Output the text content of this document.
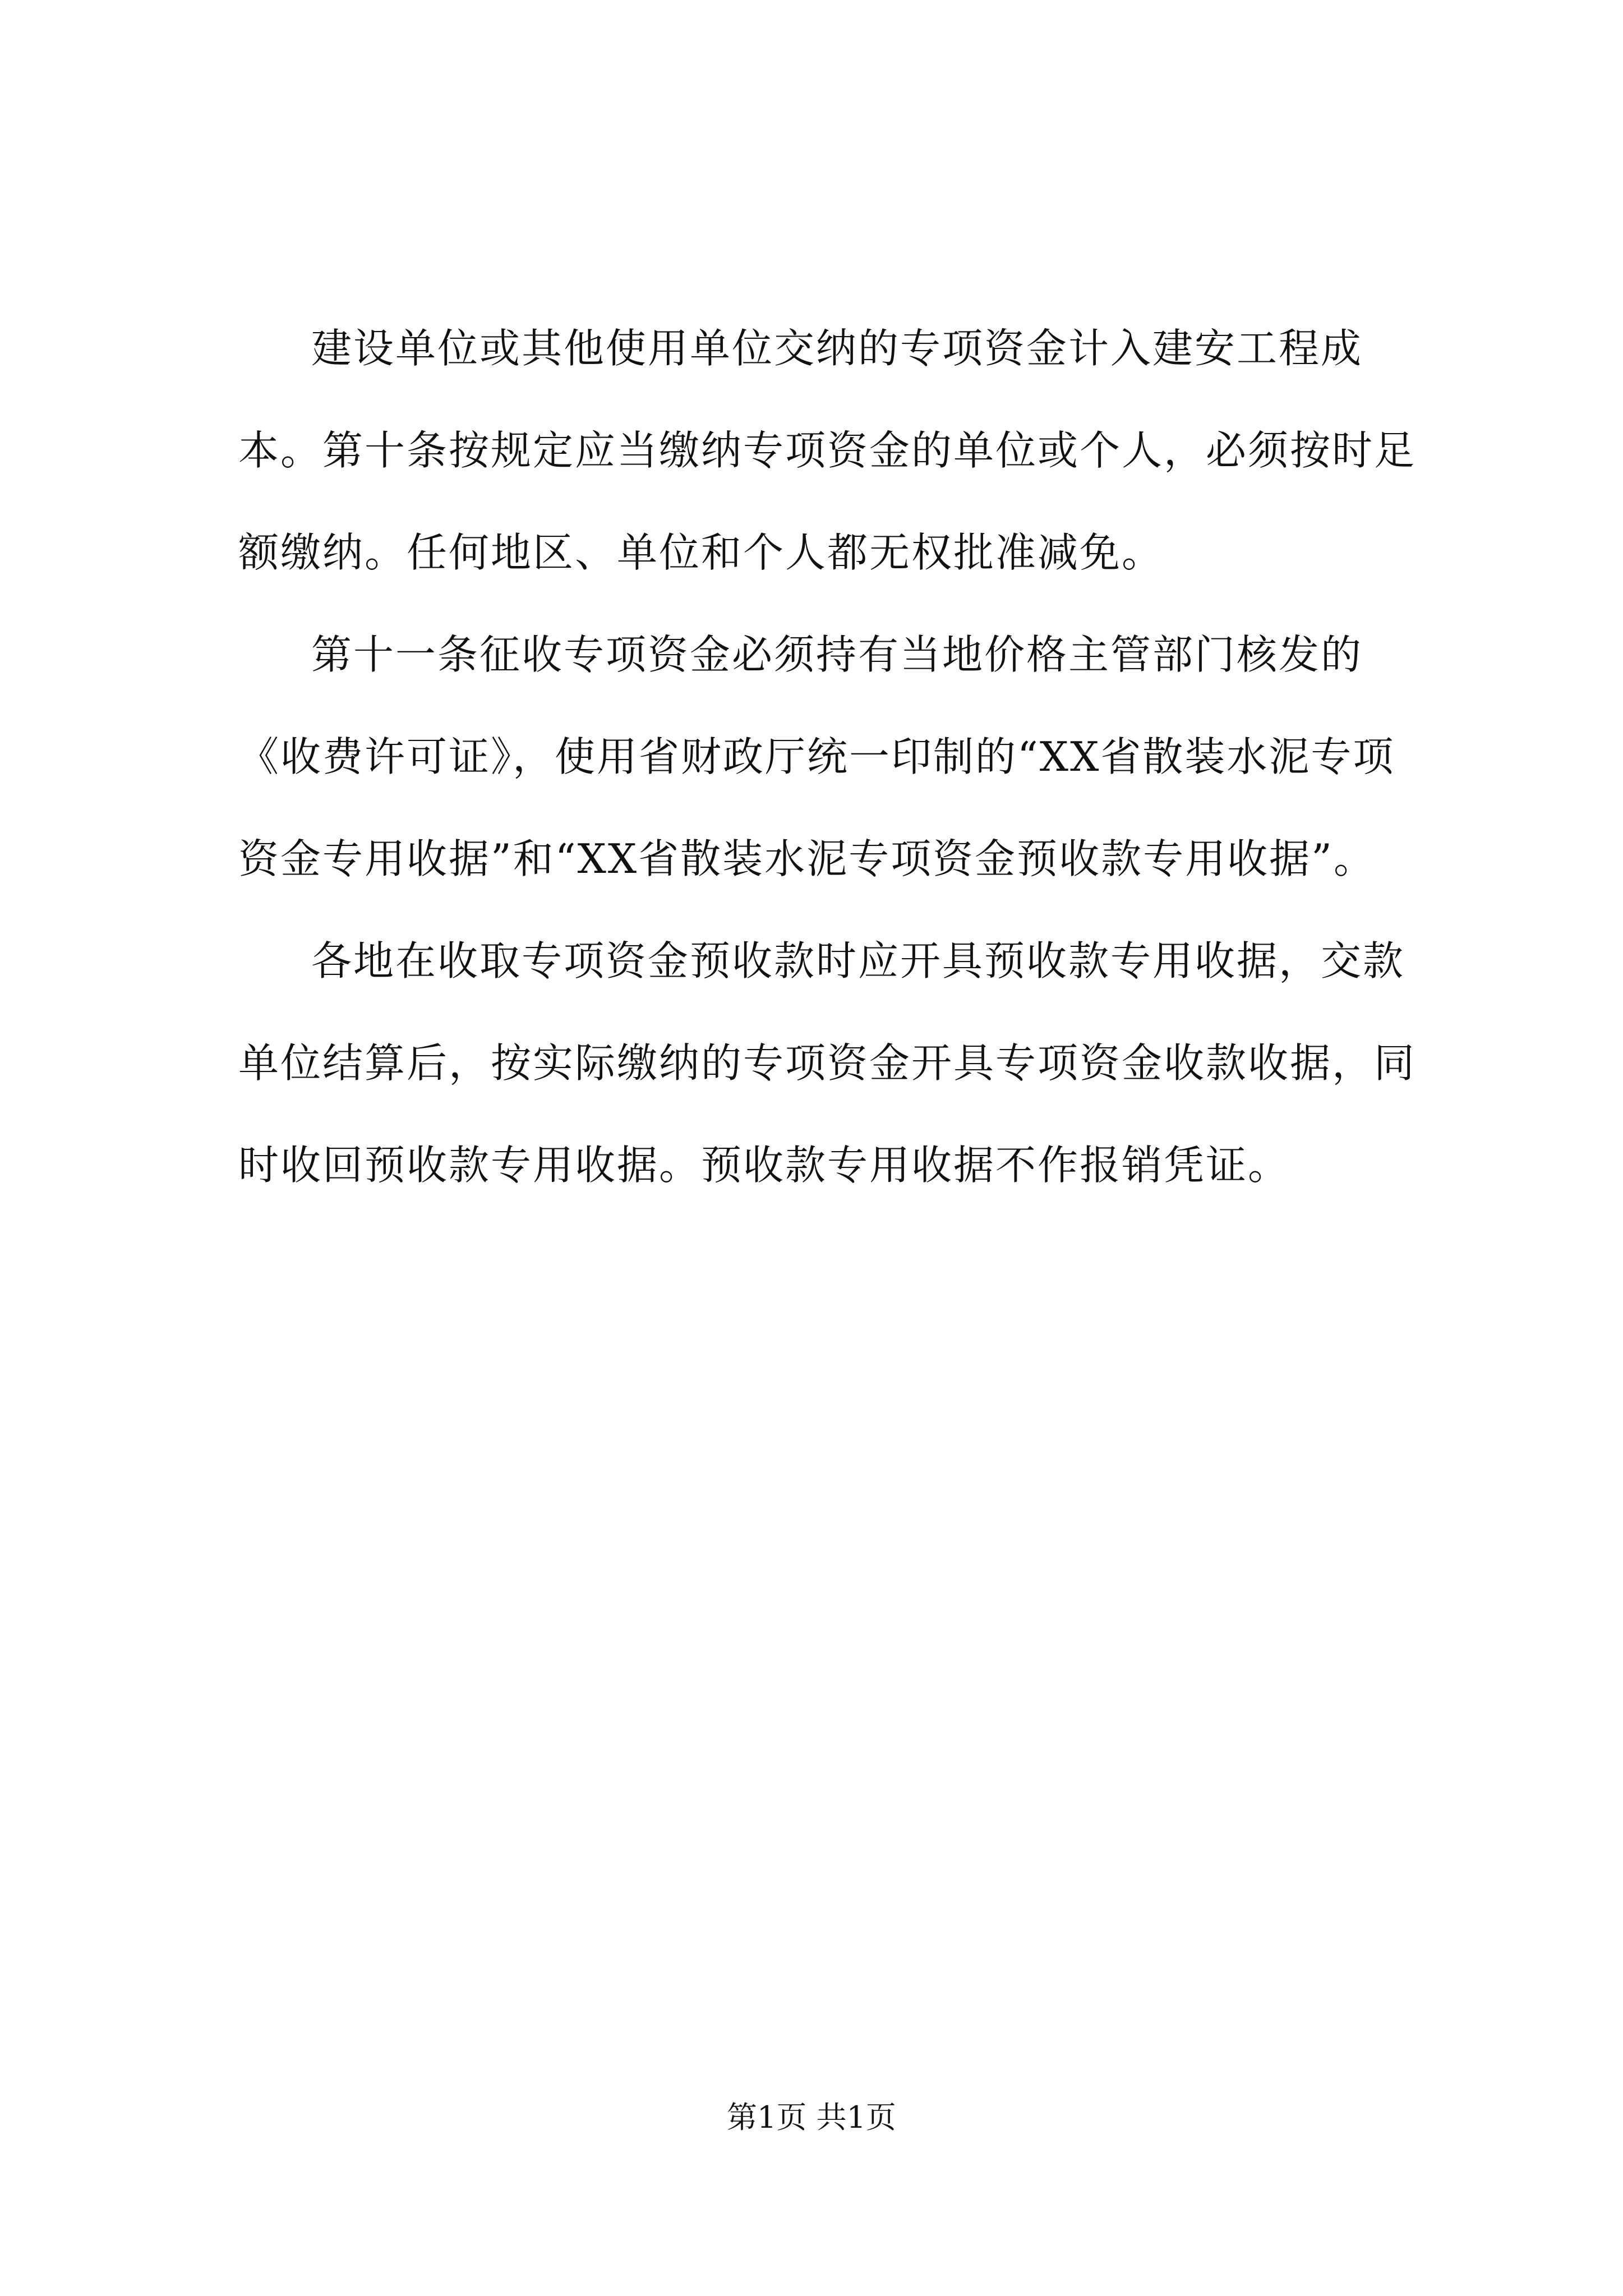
建设单位或其他使用单位交纳的专项资金计入建安工程成
本。第十条按规定应当缴纳专项资金的单位或个人，必须按时足
额缴纳。任何地区、单位和个人都无权批准减免。
第十一条征收专项资金必须持有当地价格主管部门核发的
《收费许可证》，使用省财政厅统一印制的“XX省散装水泥专项
资金专用收据”和“XX省散装水泥专项资金预收款专用收据”。
各地在收取专项资金预收款时应开具预收款专用收据，交款
单位结算后，按实际缴纳的专项资金开具专项资金收款收据，同
时收回预收款专用收据。预收款专用收据不作报销凭证。
第1页 共1页
